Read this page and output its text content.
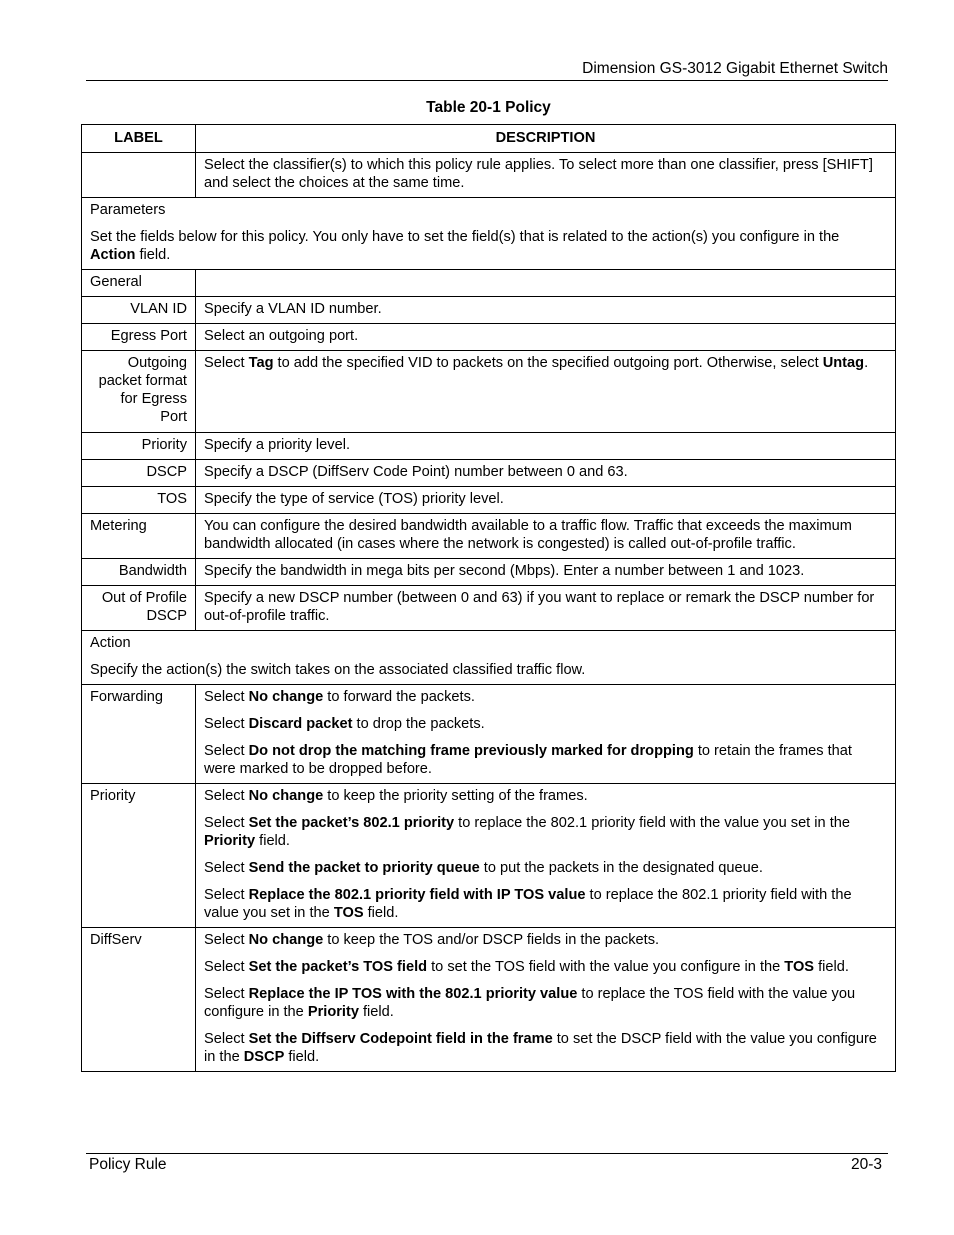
Dimension GS-3012 Gigabit Ethernet Switch
Table 20-1 Policy
LABEL	DESCRIPTION
	Select the classifier(s) to which this policy rule applies. To select more than one classifier, press [SHIFT] and select the choices at the same time.

Parameters

Set the fields below for this policy. You only have to set the field(s) that is related to the action(s) you configure in the Action field.	

General	
VLAN ID	Specify a VLAN ID number.
Egress Port	Select an outgoing port.
Outgoing packet format for Egress Port	Select Tag to add the specified VID to packets on the specified outgoing port. Otherwise, select Untag.
Priority	Specify a priority level.
DSCP	Specify a DSCP (DiffServ Code Point) number between 0 and 63.
TOS	Specify the type of service (TOS) priority level.
Metering	You can configure the desired bandwidth available to a traffic flow. Traffic that exceeds the maximum bandwidth allocated (in cases where the network is congested) is called out-of-profile traffic.
Bandwidth	Specify the bandwidth in mega bits per second (Mbps). Enter a number between 1 and 1023.
Out of Profile DSCP	Specify a new DSCP number (between 0 and 63) if you want to replace or remark the DSCP number for out-of-profile traffic.

Action

Specify the action(s) the switch takes on the associated classified traffic flow.	

Forwarding	Select No change to forward the packets.

Select Discard packet to drop the packets.

Select Do not drop the matching frame previously marked for dropping to retain the frames that were marked to be dropped before.

Priority	Select No change to keep the priority setting of the frames.

Select Set the packet’s 802.1 priority to replace the 802.1 priority field with the value you set in the Priority field.

Select Send the packet to priority queue to put the packets in the designated queue.

Select Replace the 802.1 priority field with IP TOS value to replace the 802.1 priority field with the value you set in the TOS field.

DiffServ	Select No change to keep the TOS and/or DSCP fields in the packets.

Select Set the packet’s TOS field to set the TOS field with the value you configure in the TOS field.

Select Replace the IP TOS with the 802.1 priority value to replace the TOS field with the value you configure in the Priority field.

Select Set the Diffserv Codepoint field in the frame to set the DSCP field with the value you configure in the DSCP field.

Policy Rule	20-3
